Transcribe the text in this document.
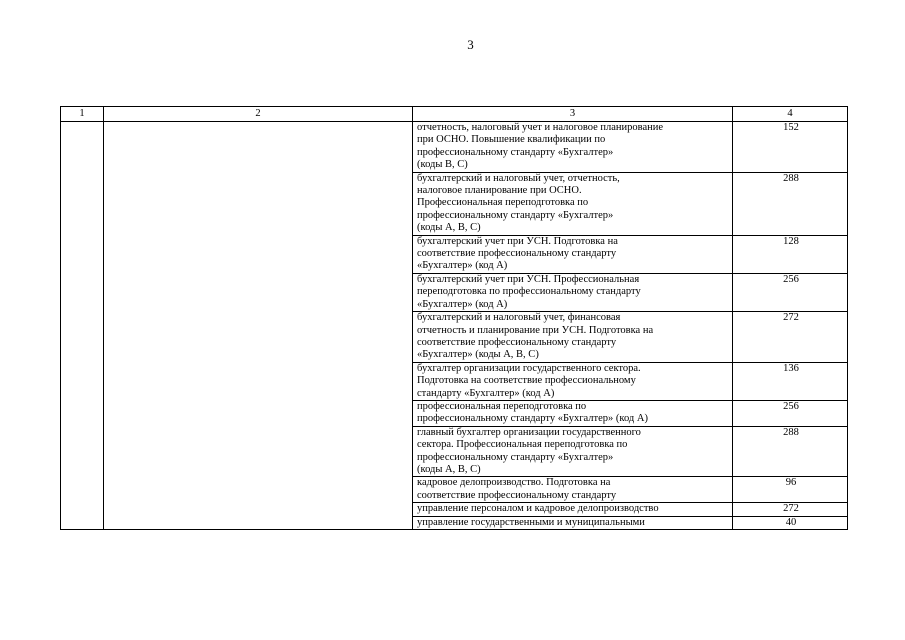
3
1	2	3	4

		отчетность, налоговый учет и налоговое планирование
при ОСНО. Повышение квалификации по
профессиональному стандарту «Бухгалтер»
(коды В, С)	152

		бухгалтерский и налоговый учет, отчетность,
налоговое планирование при ОСНО.
Профессиональная переподготовка по
профессиональному стандарту «Бухгалтер»
(коды А, В, С)	288

		бухгалтерский учет при УСН. Подготовка на
соответствие профессиональному стандарту
«Бухгалтер» (код А)	128

		бухгалтерский учет при УСН. Профессиональная
переподготовка по профессиональному стандарту
«Бухгалтер» (код А)	256

		бухгалтерский и налоговый учет, финансовая
отчетность и планирование при УСН. Подготовка на
соответствие профессиональному стандарту
«Бухгалтер» (коды А, В, С)	272

		бухгалтер организации государственного сектора.
Подготовка на соответствие профессиональному
стандарту «Бухгалтер» (код А)	136

		профессиональная переподготовка по
профессиональному стандарту «Бухгалтер» (код А)	256

		главный бухгалтер организации государственного
сектора. Профессиональная переподготовка по
профессиональному стандарту «Бухгалтер»
(коды А, В, С)	288

		кадровое делопроизводство. Подготовка на
соответствие профессиональному стандарту	96

		управление персоналом и кадровое делопроизводство	272

		управление государственными и муниципальными	40
